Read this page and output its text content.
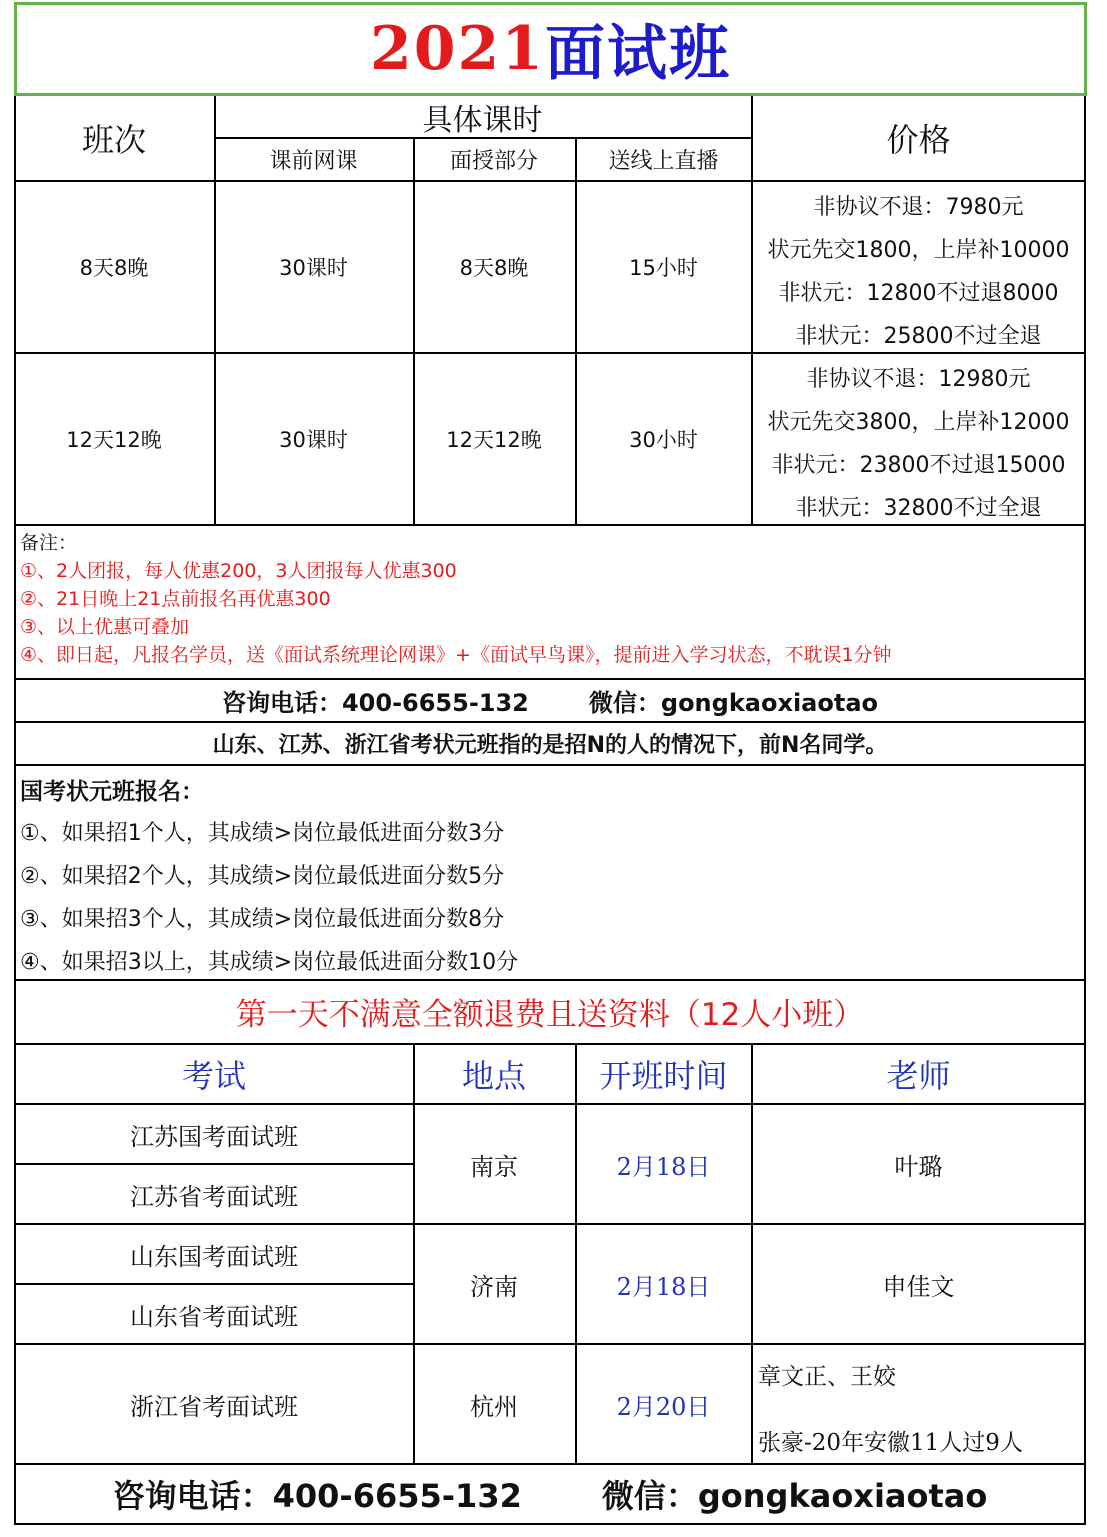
2021 面试班
班次
具体课时
价格
课前网课	面授部分	送线上直播
8天8晚	30课时	8天8晚	15小时
非协议不退：7980元
状元先交1800，上岸补10000
非状元：12800不过退8000
非状元：25800不过全退
12天12晚	30课时	12天12晚	30小时
非协议不退：12980元
状元先交3800，上岸补12000
非状元：23800不过退15000
非状元：32800不过全退
备注：
①、2人团报，每人优惠200，3人团报每人优惠300
②、21日晚上21点前报名再优惠300
③、以上优惠可叠加
④、即日起，凡报名学员，送《面试系统理论网课》+《面试早鸟课》，提前进入学习状态，不耽误1分钟
咨询电话：400-6655-132	微信：gongkaoxiaotao
山东、江苏、浙江省考状元班指的是招N的人的情况下，前N名同学。
国考状元班报名：
①、如果招1个人，其成绩>岗位最低进面分数3分
②、如果招2个人，其成绩>岗位最低进面分数5分
③、如果招3个人，其成绩>岗位最低进面分数8分
④、如果招3以上，其成绩>岗位最低进面分数10分
第一天不满意全额退费且送资料（12人小班）
考试	地点	开班时间	老师
江苏国考面试班
江苏省考面试班
南京	2月18日	叶璐
山东国考面试班
山东省考面试班
济南	2月18日	申佳文
浙江省考面试班	杭州	2月20日
章文正、王姣
张豪-20年安徽11人过9人
咨询电话：400-6655-132	微信：gongkaoxiaotao
